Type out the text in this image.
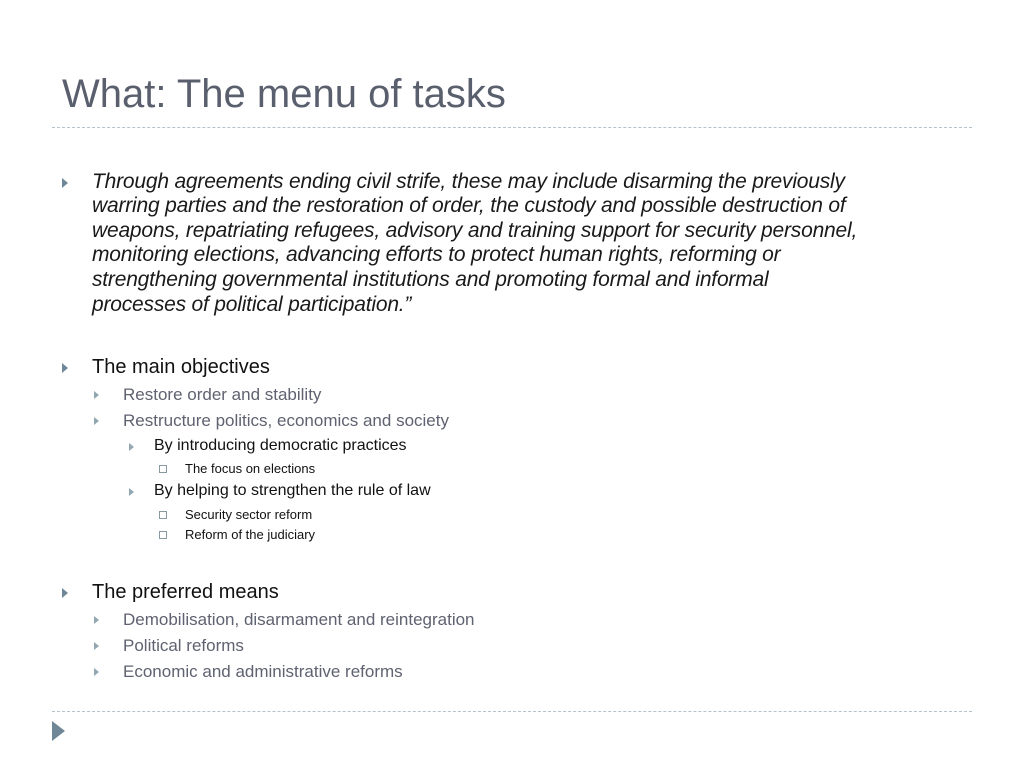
What: The menu of tasks
Through agreements ending civil strife, these may include disarming the previously
warring parties and the restoration of order, the custody and possible destruction of
weapons, repatriating refugees, advisory and training support for security personnel,
monitoring elections, advancing efforts to protect human rights, reforming or
strengthening governmental institutions and promoting formal and informal
processes of political participation.”
The main objectives
Restore order and stability
Restructure politics, economics and society
By introducing democratic practices
The focus on elections
By helping to strengthen the rule of law
Security sector reform
Reform of the judiciary
The preferred means
Demobilisation, disarmament and reintegration
Political reforms
Economic and administrative reforms
